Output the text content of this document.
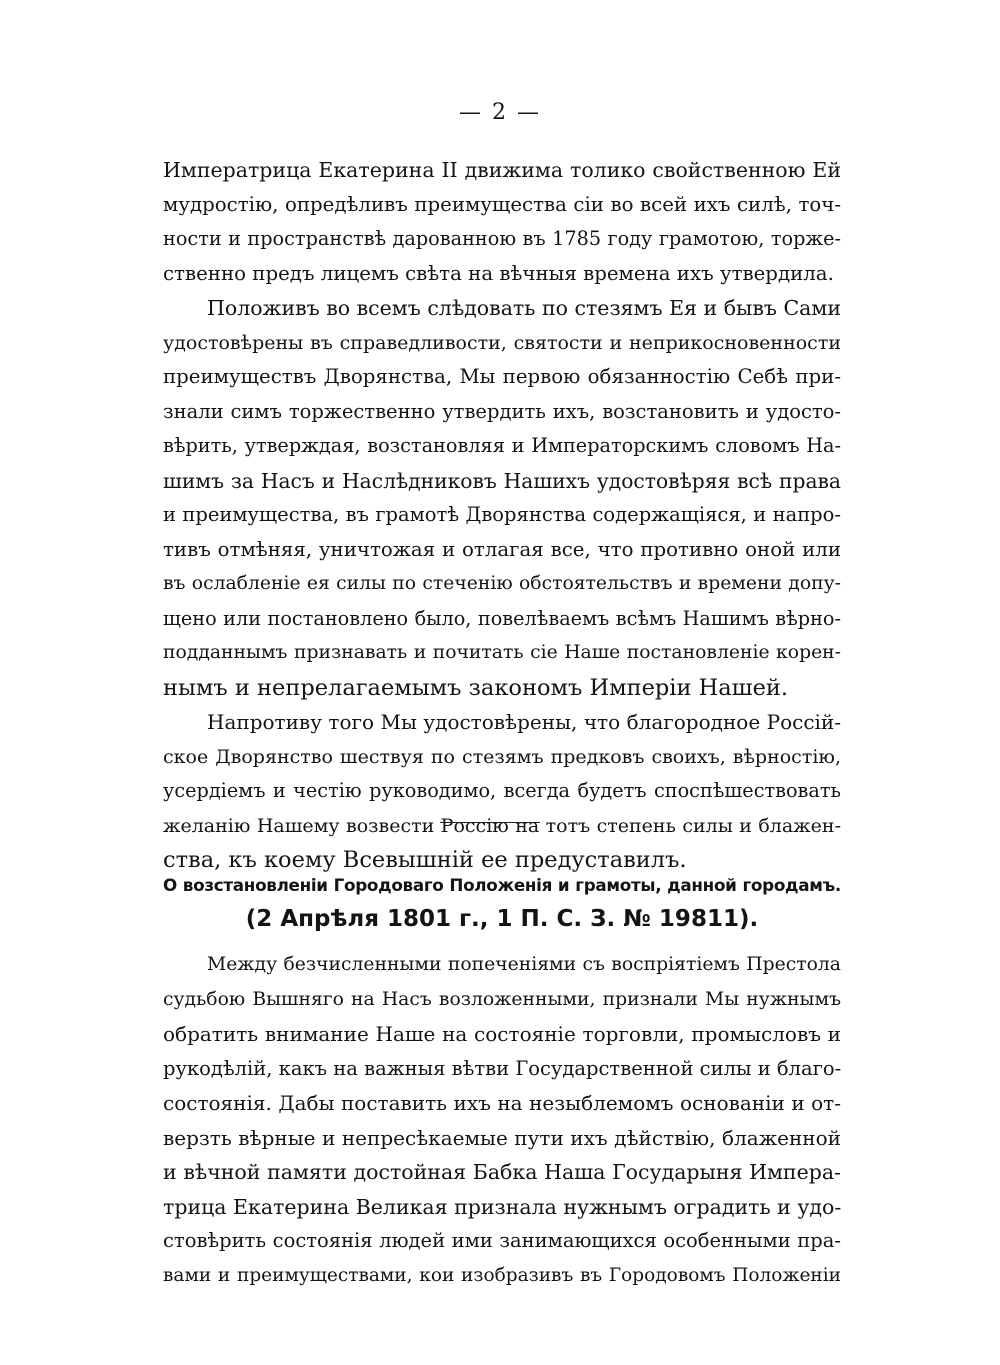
— 2 —
Императрица Екатерина II движима толико свойственною Ей
мудростію, опредѣливъ преимущества сіи во всей ихъ силѣ, точ-
ности и пространствѣ дарованною въ 1785 году грамотою, торже-
ственно предъ лицемъ свѣта на вѣчныя времена ихъ утвердила.
Положивъ во всемъ слѣдовать по стезямъ Ея и бывъ Сами
удостовѣрены въ справедливости, святости и неприкосновенности
преимуществъ Дворянства, Мы первою обязанностію Себѣ при-
знали симъ торжественно утвердить ихъ, возстановить и удосто-
вѣрить, утверждая, возстановляя и Императорскимъ словомъ На-
шимъ за Насъ и Наслѣдниковъ Нашихъ удостовѣряя всѣ права
и преимущества, въ грамотѣ Дворянства содержащіяся, и напро-
тивъ отмѣняя, уничтожая и отлагая все, что противно оной или
въ ослабленіе ея силы по стеченію обстоятельствъ и времени допу-
щено или постановлено было, повелѣваемъ всѣмъ Нашимъ вѣрно-
подданнымъ признавать и почитать сіе Наше постановленіе корен-
нымъ и непрелагаемымъ закономъ Имперіи Нашей.
Напротиву того Мы удостовѣрены, что благородное Россій-
ское Дворянство шествуя по стезямъ предковъ своихъ, вѣрностію,
усердіемъ и честію руководимо, всегда будетъ споспѣшествовать
желанію Нашему возвести Россію на тотъ степень силы и блажен-
ства, къ коему Всевышній ее предуставилъ.
О возстановленіи Городоваго Положенія и грамоты, данной городамъ.
(2 Апрѣля 1801 г., 1 П. С. З. № 19811).
Между безчисленными попеченіями съ воспріятіемъ Престола
судьбою Вышняго на Насъ возложенными, признали Мы нужнымъ
обратить внимание Наше на состояніе торговли, промысловъ и
рукодѣлій, какъ на важныя вѣтви Государственной силы и благо-
состоянія. Дабы поставить ихъ на незыблемомъ основаніи и от-
верзть вѣрные и непресѣкаемые пути ихъ дѣйствію, блаженной
и вѣчной памяти достойная Бабка Наша Государыня Импера-
трица Екатерина Великая признала нужнымъ оградить и удо-
стовѣрить состоянія людей ими занимающихся особенными пра-
вами и преимуществами, кои изобразивъ въ Городовомъ Положеніи
